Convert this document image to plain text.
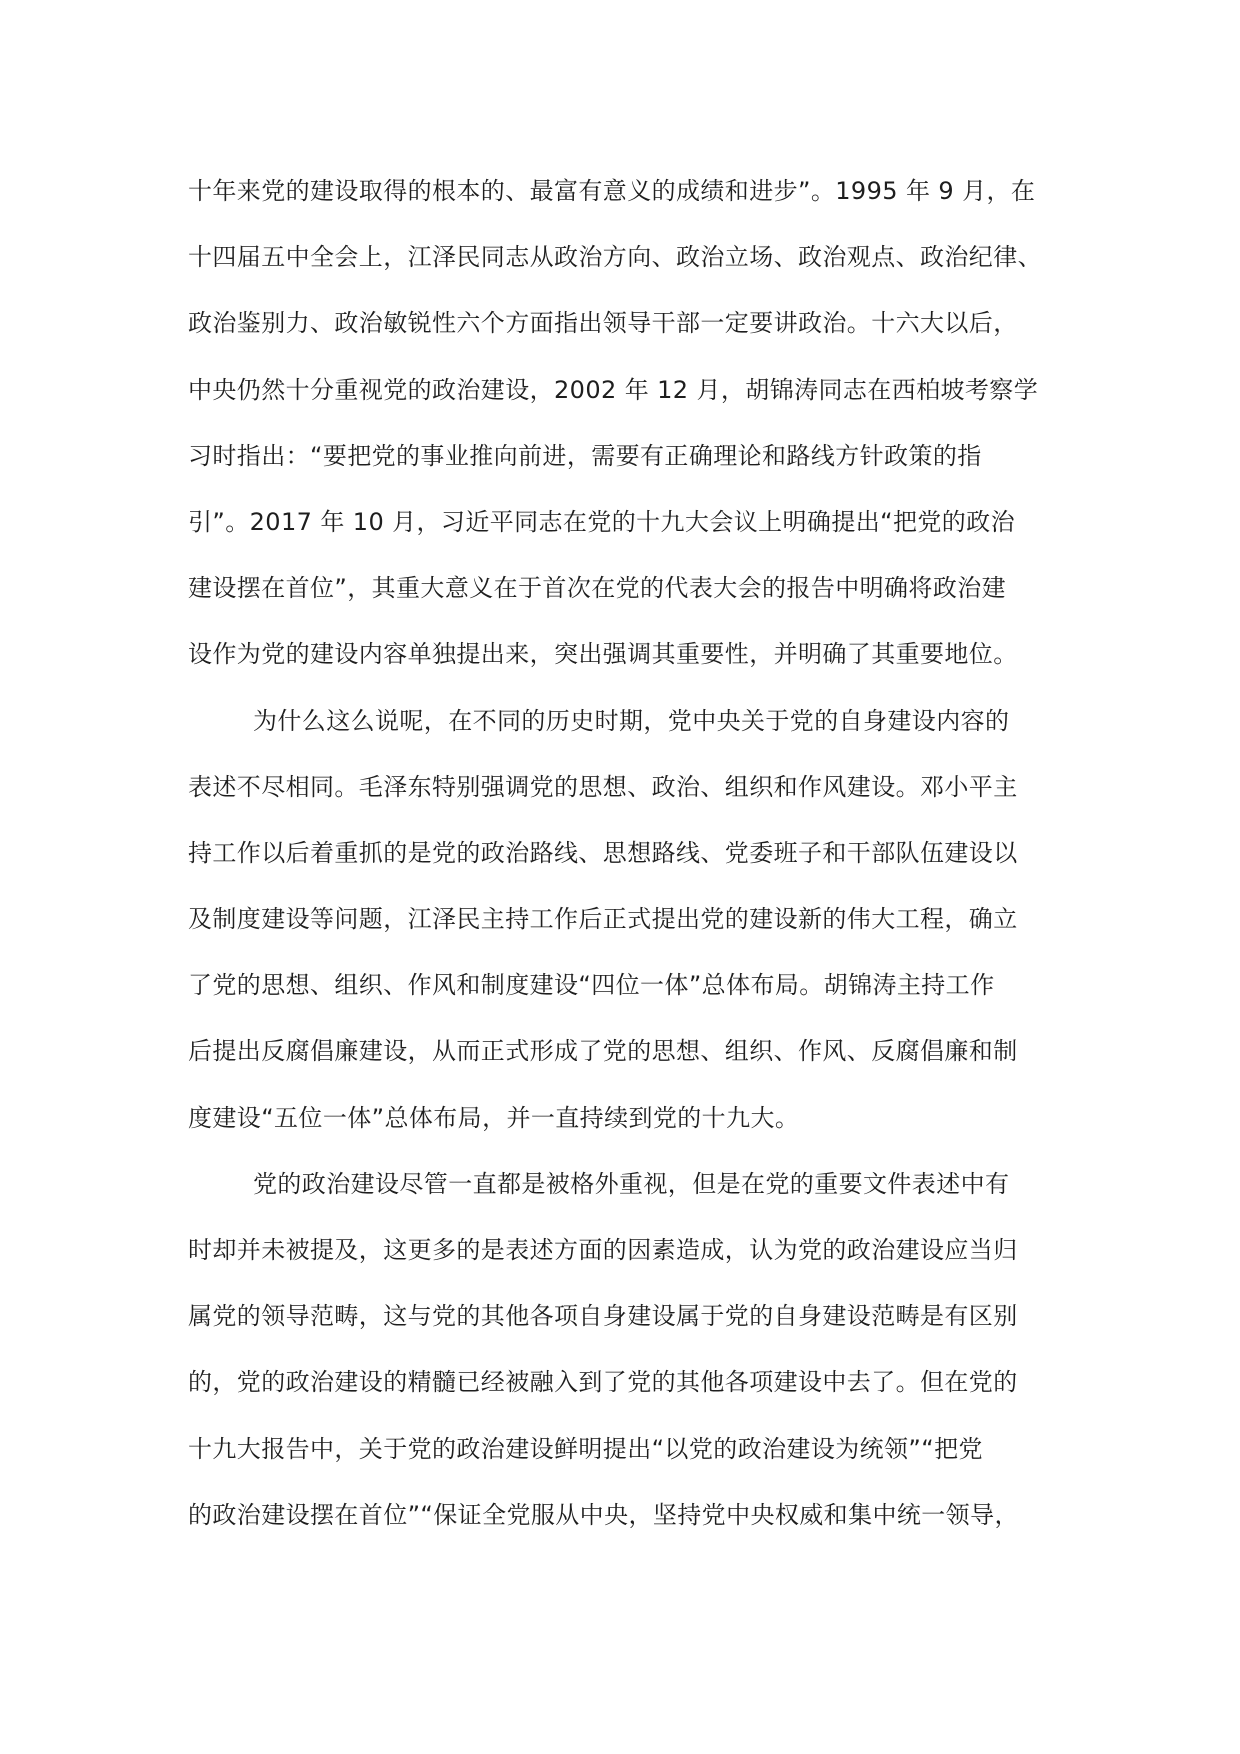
十年来党的建设取得的根本的、最富有意义的成绩和进步”。1995 年 9 月，在
十四届五中全会上，江泽民同志从政治方向、政治立场、政治观点、政治纪律、
政治鉴别力、政治敏锐性六个方面指出领导干部一定要讲政治。十六大以后，
中央仍然十分重视党的政治建设，2002 年 12 月，胡锦涛同志在西柏坡考察学
习时指出：“要把党的事业推向前进，需要有正确理论和路线方针政策的指
引”。2017 年 10 月，习近平同志在党的十九大会议上明确提出“把党的政治
建设摆在首位”，其重大意义在于首次在党的代表大会的报告中明确将政治建
设作为党的建设内容单独提出来，突出强调其重要性，并明确了其重要地位。
为什么这么说呢，在不同的历史时期，党中央关于党的自身建设内容的
表述不尽相同。毛泽东特别强调党的思想、政治、组织和作风建设。邓小平主
持工作以后着重抓的是党的政治路线、思想路线、党委班子和干部队伍建设以
及制度建设等问题，江泽民主持工作后正式提出党的建设新的伟大工程，确立
了党的思想、组织、作风和制度建设“四位一体”总体布局。胡锦涛主持工作
后提出反腐倡廉建设，从而正式形成了党的思想、组织、作风、反腐倡廉和制
度建设“五位一体”总体布局，并一直持续到党的十九大。
党的政治建设尽管一直都是被格外重视，但是在党的重要文件表述中有
时却并未被提及，这更多的是表述方面的因素造成，认为党的政治建设应当归
属党的领导范畴，这与党的其他各项自身建设属于党的自身建设范畴是有区别
的，党的政治建设的精髓已经被融入到了党的其他各项建设中去了。但在党的
十九大报告中，关于党的政治建设鲜明提出“以党的政治建设为统领”“把党
的政治建设摆在首位”“保证全党服从中央，坚持党中央权威和集中统一领导，
